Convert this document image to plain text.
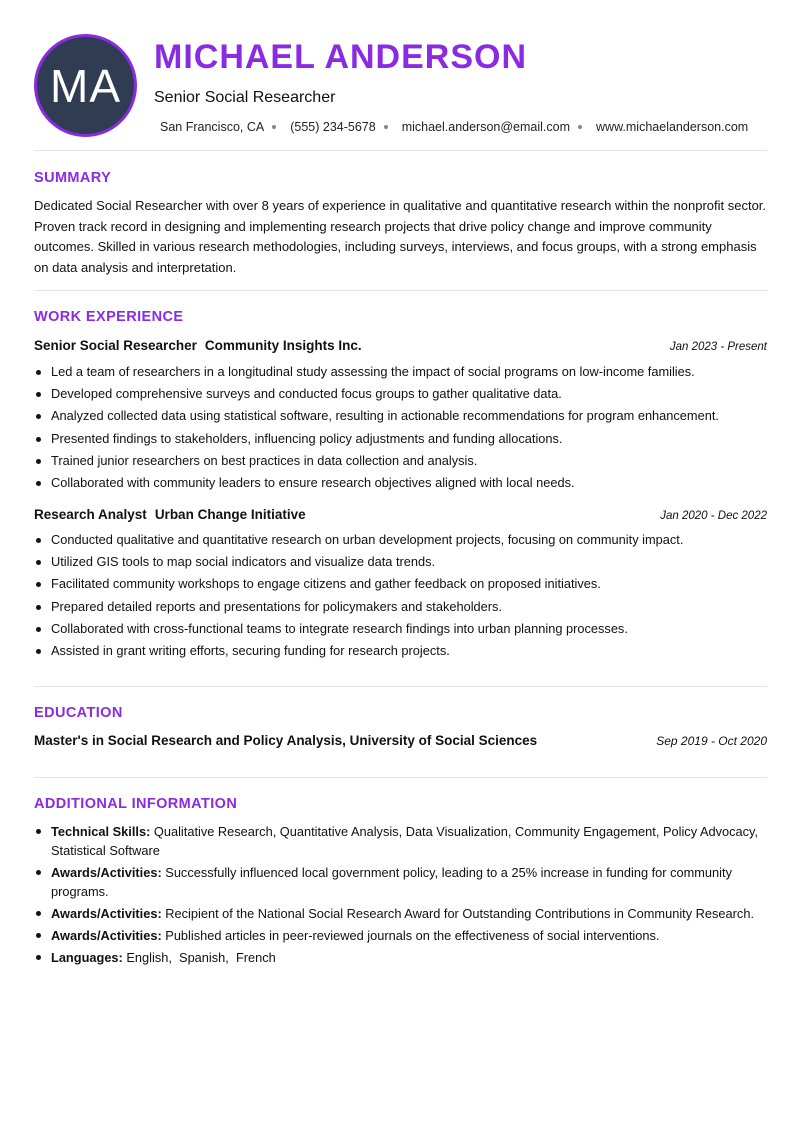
MA
MICHAEL ANDERSON
Senior Social Researcher
San Francisco, CA (555) 234-5678 michael.anderson@email.com www.michaelanderson.com
SUMMARY
Dedicated Social Researcher with over 8 years of experience in qualitative and quantitative research within the nonprofit sector. Proven track record in designing and implementing research projects that drive policy change and improve community outcomes. Skilled in various research methodologies, including surveys, interviews, and focus groups, with a strong emphasis on data analysis and interpretation.
WORK EXPERIENCE
Senior Social Researcher Community Insights Inc.	Jan 2023 - Present
Led a team of researchers in a longitudinal study assessing the impact of social programs on low-income families.
Developed comprehensive surveys and conducted focus groups to gather qualitative data.
Analyzed collected data using statistical software, resulting in actionable recommendations for program enhancement.
Presented findings to stakeholders, influencing policy adjustments and funding allocations.
Trained junior researchers on best practices in data collection and analysis.
Collaborated with community leaders to ensure research objectives aligned with local needs.
Research Analyst Urban Change Initiative	Jan 2020 - Dec 2022
Conducted qualitative and quantitative research on urban development projects, focusing on community impact.
Utilized GIS tools to map social indicators and visualize data trends.
Facilitated community workshops to engage citizens and gather feedback on proposed initiatives.
Prepared detailed reports and presentations for policymakers and stakeholders.
Collaborated with cross-functional teams to integrate research findings into urban planning processes.
Assisted in grant writing efforts, securing funding for research projects.
EDUCATION
Master's in Social Research and Policy Analysis, University of Social Sciences	Sep 2019 - Oct 2020
ADDITIONAL INFORMATION
Technical Skills: Qualitative Research, Quantitative Analysis, Data Visualization, Community Engagement, Policy Advocacy, Statistical Software
Awards/Activities: Successfully influenced local government policy, leading to a 25% increase in funding for community programs.
Awards/Activities: Recipient of the National Social Research Award for Outstanding Contributions in Community Research.
Awards/Activities: Published articles in peer-reviewed journals on the effectiveness of social interventions.
Languages: English,  Spanish,  French
